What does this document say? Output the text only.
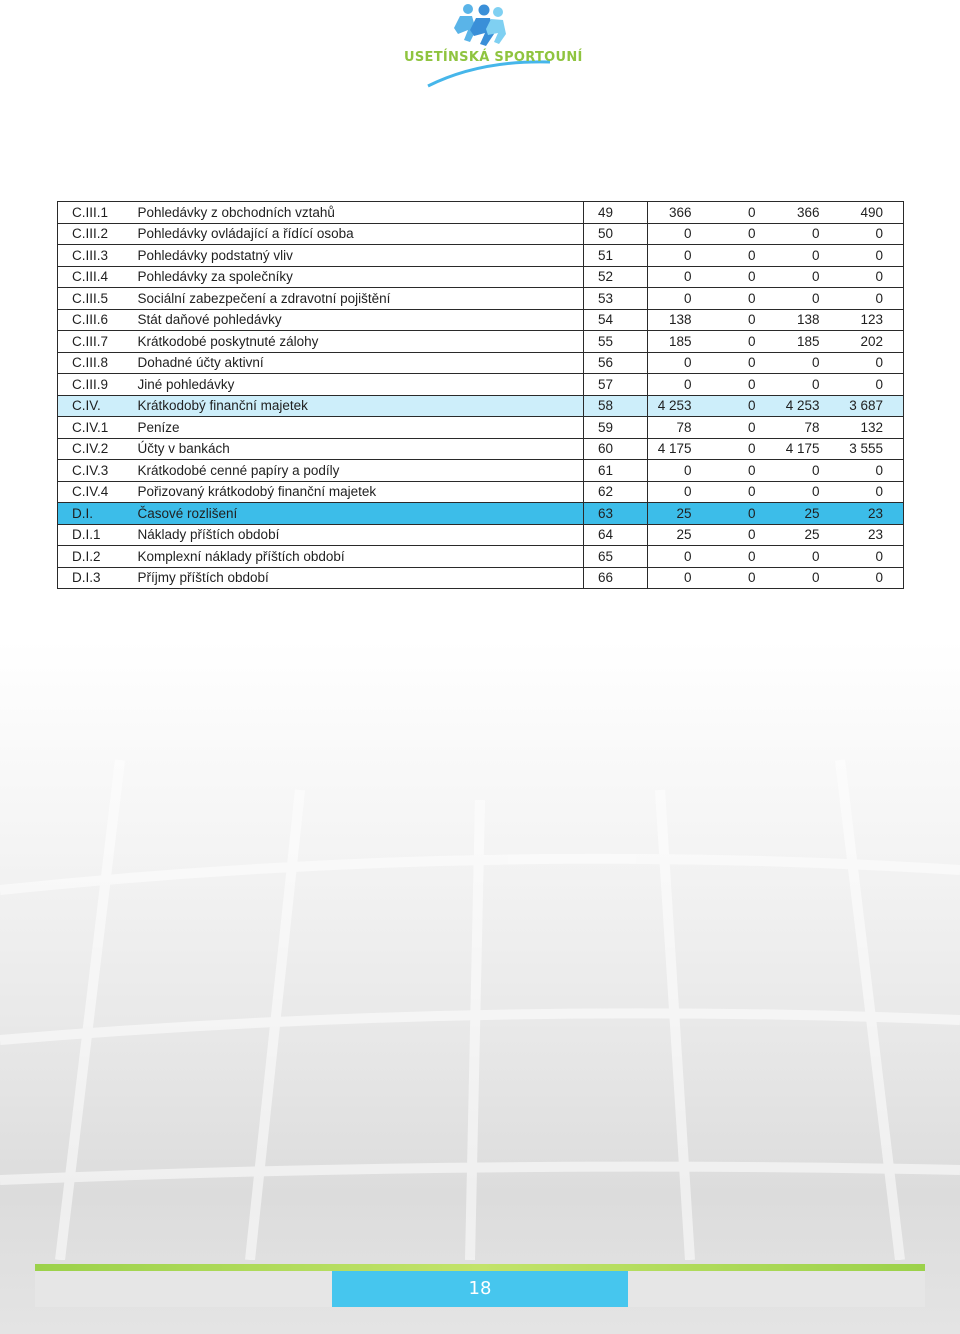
USETÍNSKÁ SPORTOUNÍ
C.III.1	Pohledávky z obchodních vztahů	49	366	0	366	490
C.III.2	Pohledávky ovládající a řídící osoba	50	0	0	0	0
C.III.3	Pohledávky podstatný vliv	51	0	0	0	0
C.III.4	Pohledávky za společníky	52	0	0	0	0
C.III.5	Sociální zabezpečení a zdravotní pojištění	53	0	0	0	0
C.III.6	Stát daňové pohledávky	54	138	0	138	123
C.III.7	Krátkodobé poskytnuté zálohy	55	185	0	185	202
C.III.8	Dohadné účty aktivní	56	0	0	0	0
C.III.9	Jiné pohledávky	57	0	0	0	0
C.IV.	Krátkodobý finanční majetek	58	4 253	0	4 253	3 687
C.IV.1	Peníze	59	78	0	78	132
C.IV.2	Účty v bankách	60	4 175	0	4 175	3 555
C.IV.3	Krátkodobé cenné papíry a podíly	61	0	0	0	0
C.IV.4	Pořizovaný krátkodobý finanční majetek	62	0	0	0	0
D.I.	Časové rozlišení	63	25	0	25	23
D.I.1	Náklady příštích období	64	25	0	25	23
D.I.2	Komplexní náklady příštích období	65	0	0	0	0
D.I.3	Příjmy příštích období	66	0	0	0	0
18
